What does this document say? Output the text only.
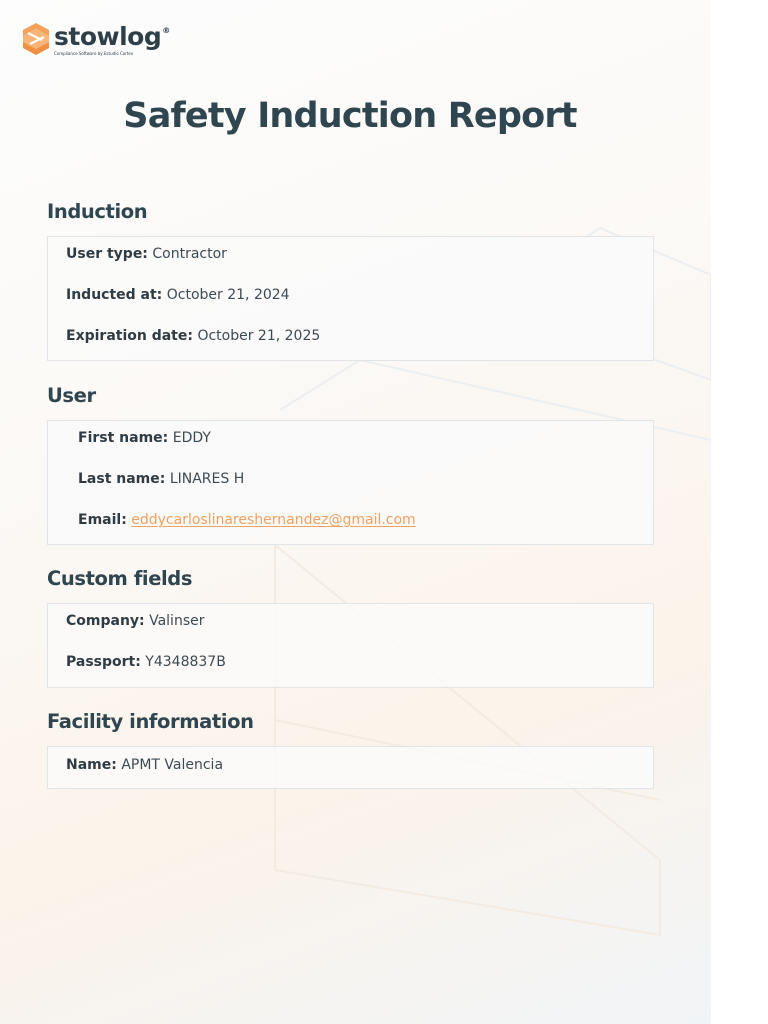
stowlog ®
Compliance Software by Estudio Cortex
Safety Induction Report
Induction
User type: Contractor
Inducted at: October 21, 2024
Expiration date: October 21, 2025
User
First name: EDDY
Last name: LINARES H
Email: eddycarloslinareshernandez@gmail.com
Custom fields
Company: Valinser
Passport: Y4348837B
Facility information
Name: APMT Valencia
